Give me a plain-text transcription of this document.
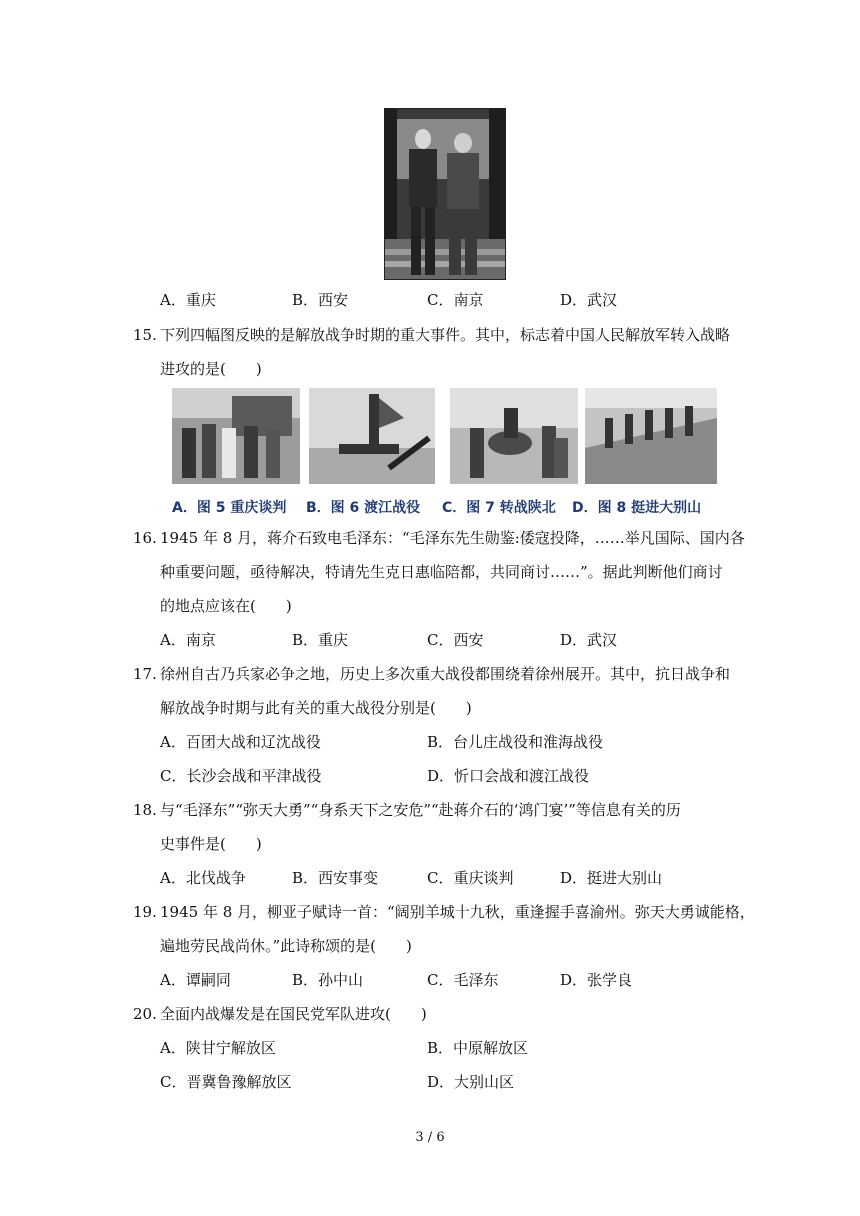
A．重庆	B．西安	C．南京	D．武汉
15. 下列四幅图反映的是解放战争时期的重大事件。其中，标志着中国人民解放军转入战略
进攻的是(　　)
A．图 5 重庆谈判 B．图 6 渡江战役 C．图 7 转战陕北 D．图 8 挺进大别山
16. 1945 年 8 月，蒋介石致电毛泽东：“毛泽东先生勋鉴:倭寇投降，……举凡国际、国内各
种重要问题，亟待解决，特请先生克日惠临陪都，共同商讨……”。据此判断他们商讨
的地点应该在(　　)
A．南京	B．重庆	C．西安	D．武汉
17. 徐州自古乃兵家必争之地，历史上多次重大战役都围绕着徐州展开。其中，抗日战争和
解放战争时期与此有关的重大战役分别是(　　)
A．百团大战和辽沈战役	B．台儿庄战役和淮海战役
C．长沙会战和平津战役	D．忻口会战和渡江战役
18. 与“毛泽东”“弥天大勇”“身系天下之安危”“赴蒋介石的‘鸿门宴’”等信息有关的历
史事件是(　　)
A．北伐战争	B．西安事变	C．重庆谈判	D．挺进大别山
19. 1945 年 8 月，柳亚子赋诗一首：“阔别羊城十九秋，重逢握手喜渝州。弥天大勇诚能格，
遍地劳民战尚休。”此诗称颂的是(　　)
A．谭嗣同	B．孙中山	C．毛泽东	D．张学良
20. 全面内战爆发是在国民党军队进攻(　　)
A．陕甘宁解放区	B．中原解放区
C．晋冀鲁豫解放区	D．大别山区
3 / 6
